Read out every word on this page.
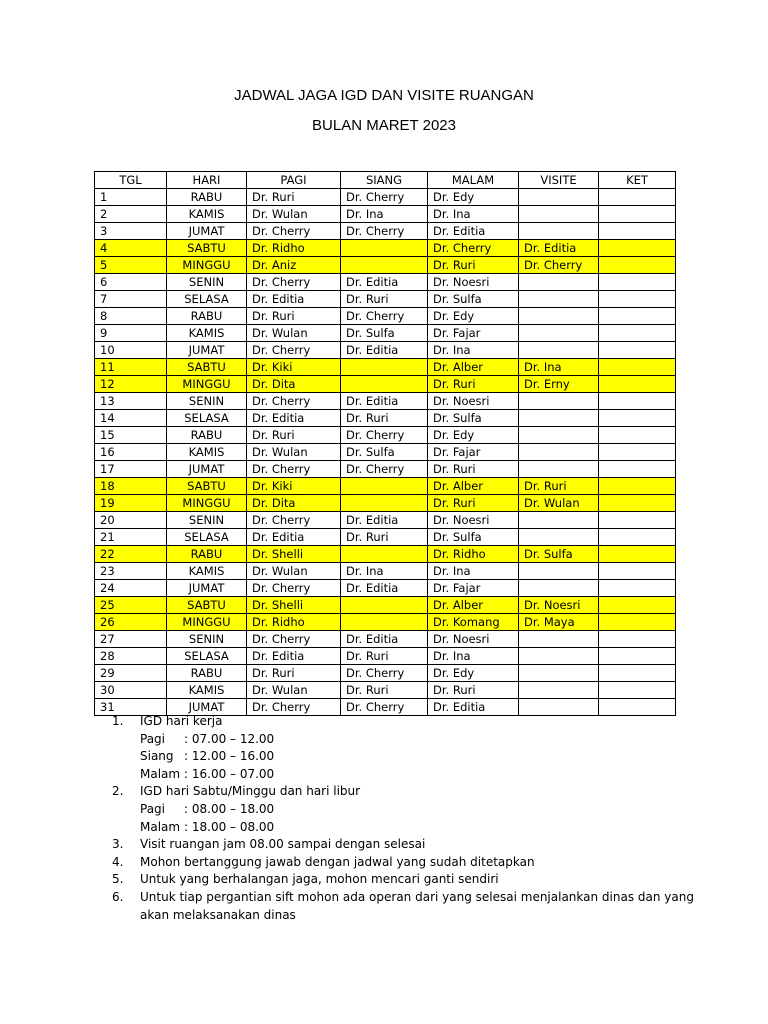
JADWAL JAGA IGD DAN VISITE RUANGAN
BULAN MARET 2023
TGL	HARI	PAGI	SIANG	MALAM	VISITE	KET
1	RABU	Dr. Ruri	Dr. Cherry	Dr. Edy		
2	KAMIS	Dr. Wulan	Dr. Ina	Dr. Ina		
3	JUMAT	Dr. Cherry	Dr. Cherry	Dr. Editia		
4	SABTU	Dr. Ridho		Dr. Cherry	Dr. Editia	
5	MINGGU	Dr. Aniz		Dr. Ruri	Dr. Cherry	
6	SENIN	Dr. Cherry	Dr. Editia	Dr. Noesri		
7	SELASA	Dr. Editia	Dr. Ruri	Dr. Sulfa		
8	RABU	Dr. Ruri	Dr. Cherry	Dr. Edy		
9	KAMIS	Dr. Wulan	Dr. Sulfa	Dr. Fajar		
10	JUMAT	Dr. Cherry	Dr. Editia	Dr. Ina		
11	SABTU	Dr. Kiki		Dr. Alber	Dr. Ina	
12	MINGGU	Dr. Dita		Dr. Ruri	Dr. Erny	
13	SENIN	Dr. Cherry	Dr. Editia	Dr. Noesri		
14	SELASA	Dr. Editia	Dr. Ruri	Dr. Sulfa		
15	RABU	Dr. Ruri	Dr. Cherry	Dr. Edy		
16	KAMIS	Dr. Wulan	Dr. Sulfa	Dr. Fajar		
17	JUMAT	Dr. Cherry	Dr. Cherry	Dr. Ruri		
18	SABTU	Dr. Kiki		Dr. Alber	Dr. Ruri	
19	MINGGU	Dr. Dita		Dr. Ruri	Dr. Wulan	
20	SENIN	Dr. Cherry	Dr. Editia	Dr. Noesri		
21	SELASA	Dr. Editia	Dr. Ruri	Dr. Sulfa		
22	RABU	Dr. Shelli		Dr. Ridho	Dr. Sulfa	
23	KAMIS	Dr. Wulan	Dr. Ina	Dr. Ina		
24	JUMAT	Dr. Cherry	Dr. Editia	Dr. Fajar		
25	SABTU	Dr. Shelli		Dr. Alber	Dr. Noesri	
26	MINGGU	Dr. Ridho		Dr. Komang	Dr. Maya	
27	SENIN	Dr. Cherry	Dr. Editia	Dr. Noesri		
28	SELASA	Dr. Editia	Dr. Ruri	Dr. Ina		
29	RABU	Dr. Ruri	Dr. Cherry	Dr. Edy		
30	KAMIS	Dr. Wulan	Dr. Ruri	Dr. Ruri		
31	JUMAT	Dr. Cherry	Dr. Cherry	Dr. Editia		
1.	IGD hari kerja
Pagi	: 07.00 – 12.00
Siang : 12.00 – 16.00
Malam : 16.00 – 07.00
2.	IGD hari Sabtu/Minggu dan hari libur
Pagi	: 08.00 – 18.00
Malam : 18.00 – 08.00
3.	Visit ruangan jam 08.00 sampai dengan selesai
4.	Mohon bertanggung jawab dengan jadwal yang sudah ditetapkan
5.	Untuk yang berhalangan jaga, mohon mencari ganti sendiri
6.	Untuk tiap pergantian sift mohon ada operan dari yang selesai menjalankan dinas dan yang akan melaksanakan dinas
